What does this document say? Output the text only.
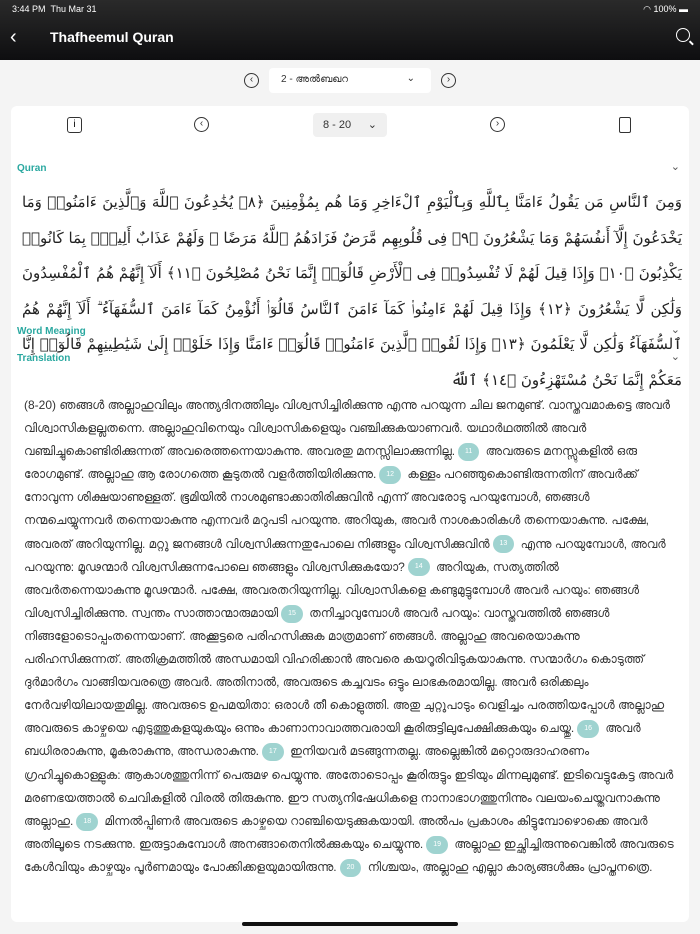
3:44 PM Thu Mar 31	◠ 100% ▬
‹ Thafheemul Quran
‹	2 - അൽബഖറ	⌄	›
i	‹	8 - 20 ⌄	›
Quran	⌄
وَمِنَ ٱلنَّاسِ مَن يَقُولُ ءَامَنَّا بِٱللَّهِ وَبِٱلْيَوْمِ ٱلْءَاخِرِ وَمَا هُم بِمُؤْمِنِينَ ﴿٨﴾ يُخَٰدِعُونَ ٱللَّهَ وَٱلَّذِينَ ءَامَنُوا۟ وَمَا يَخْدَعُونَ إِلَّآ أَنفُسَهُمْ وَمَا يَشْعُرُونَ ﴿٩﴾ فِى قُلُوبِهِم مَّرَضٌ فَزَادَهُمُ ٱللَّهُ مَرَضًا ۖ وَلَهُمْ عَذَابٌ أَلِيمٌۢ بِمَا كَانُوا۟ يَكْذِبُونَ ﴿١٠﴾ وَإِذَا قِيلَ لَهُمْ لَا تُفْسِدُوا۟ فِى ٱلْأَرْضِ قَالُوٓا۟ إِنَّمَا نَحْنُ مُصْلِحُونَ ﴿١١﴾ أَلَآ إِنَّهُمْ هُمُ ٱلْمُفْسِدُونَ وَلَٰكِن لَّا يَشْعُرُونَ ﴿١٢﴾ وَإِذَا قِيلَ لَهُمْ ءَامِنُوا۟ كَمَآ ءَامَنَ ٱلنَّاسُ قَالُوٓا۟ أَنُؤْمِنُ كَمَآ ءَامَنَ ٱلسُّفَهَآءُ ۗ أَلَآ إِنَّهُمْ هُمُ ٱلسُّفَهَآءُ وَلَٰكِن لَّا يَعْلَمُونَ ﴿١٣﴾ وَإِذَا لَقُوا۟ ٱلَّذِينَ ءَامَنُوا۟ قَالُوٓا۟ ءَامَنَّا وَإِذَا خَلَوْا۟ إِلَىٰ شَيَٰطِينِهِمْ قَالُوٓا۟ إِنَّا مَعَكُمْ إِنَّمَا نَحْنُ مُسْتَهْزِءُونَ ﴿١٤﴾ ٱللَّهُ
Word Meaning	⌄
Translation	⌄
(8-20) ഞങ്ങള്‍ അല്ലാഹുവിലും അന്ത്യദിനത്തിലും വിശ്വസിച്ചിരിക്കുന്നു എന്നു പറയുന്ന ചില ജനമുണ്ട്. വാസ്തവമാകട്ടെ അവര്‍ വിശ്വാസികളല്ലതന്നെ. അല്ലാഹുവിനെയും വിശ്വാസികളെയും വഞ്ചിക്കുകയാണവര്‍. യഥാര്‍ഥത്തില്‍ അവര്‍ വഞ്ചിച്ചുകൊണ്ടിരിക്കുന്നത് അവരെത്തന്നെയാകുന്നു. അവരതു മനസ്സിലാക്കുന്നില്ല. 11 അവരുടെ മനസ്സുകളില്‍ ഒരു രോഗമുണ്ട്. അല്ലാഹു ആ രോഗത്തെ കൂടുതല്‍ വളര്‍ത്തിയിരിക്കുന്നു. 12 കള്ളം പറഞ്ഞുകൊണ്ടിരുന്നതിന് അവര്‍ക്ക് നോവുന്ന ശിക്ഷയാണുള്ളത്. ഭൂമിയില്‍ നാശമുണ്ടാക്കാതിരിക്കുവിന്‍ എന്ന് അവരോടു പറയുമ്പോള്‍, ഞങ്ങള്‍ നന്മചെയ്യുന്നവര്‍ തന്നെയാകുന്നു എന്നവര്‍ മറുപടി പറയുന്നു. അറിയുക, അവര്‍ നാശകാരികള്‍ തന്നെയാകുന്നു. പക്ഷേ, അവരത് അറിയുന്നില്ല. മറ്റു ജനങ്ങള്‍ വിശ്വസിക്കുന്നതുപോലെ നിങ്ങളും വിശ്വസിക്കുവിന്‍ 13 എന്നു പറയുമ്പോള്‍, അവര്‍ പറയുന്നു: മൂഢന്മാര്‍ വിശ്വസിക്കുന്നപോലെ ഞങ്ങളും വിശ്വസിക്കുകയോ? 14 അറിയുക, സത്യത്തില്‍ അവര്‍തന്നെയാകുന്നു മൂഢന്മാര്‍. പക്ഷേ, അവരതറിയുന്നില്ല. വിശ്വാസികളെ കണ്ടുമുട്ടുമ്പോള്‍ അവര്‍ പറയും: ഞങ്ങള്‍ വിശ്വസിച്ചിരിക്കുന്നു. സ്വന്തം സാത്താന്മാരുമായി 15 തനിച്ചാവുമ്പോള്‍ അവര്‍ പറയും: വാസ്തവത്തില്‍ ഞങ്ങള്‍ നിങ്ങളോടൊപ്പംതന്നെയാണ്. അക്കൂട്ടരെ പരിഹസിക്കുക മാത്രമാണ് ഞങ്ങള്‍. അല്ലാഹു അവരെയാകുന്നു പരിഹസിക്കുന്നത്. അതിക്രമത്തില്‍ അന്ധമായി വിഹരിക്കാന്‍ അവരെ കയറൂരിവിടുകയാകുന്നു. സന്മാര്‍ഗം കൊടുത്ത് ദുര്‍മാര്‍ഗം വാങ്ങിയവരത്രെ അവര്‍. അതിനാല്‍, അവരുടെ കച്ചവടം ഒട്ടും ലാഭകരമായില്ല. അവര്‍ ഒരിക്കലും നേര്‍വഴിയിലായതുമില്ല. അവരുടെ ഉപമയിതാ: ഒരാള്‍ തീ കൊളുത്തി. അതു ചുറ്റുപാടും വെളിച്ചം പരത്തിയപ്പോള്‍ അല്ലാഹു അവരുടെ കാഴ്ചയെ എടുത്തുകളയുകയും ഒന്നും കാണാനാവാത്തവരായി കൂരിരുട്ടിലുപേക്ഷിക്കുകയും ചെയ്തു. 16 അവര്‍ ബധിരരാകുന്നു, മൂകരാകുന്നു, അന്ധരാകുന്നു. 17 ഇനിയവര്‍ മടങ്ങുന്നതല്ല. അല്ലെങ്കില്‍ മറ്റൊരുദാഹരണം ഗ്രഹിച്ചുകൊള്ളുക: ആകാശത്തുനിന്ന് പെരുമഴ പെയ്യുന്നു. അതോടൊപ്പം കൂരിരുട്ടും ഇടിയും മിന്നലുമുണ്ട്. ഇടിവെട്ടുകേട്ട അവര്‍ മരണഭയത്താല്‍ ചെവികളില്‍ വിരല്‍ തിരുകുന്നു. ഈ സത്യനിഷേധികളെ നാനാഭാഗത്തുനിന്നും വലയംചെയ്തവനാകുന്നു അല്ലാഹു. 18 മിന്നല്‍പ്പിണര്‍ അവരുടെ കാഴ്ചയെ റാഞ്ചിയെടുക്കുകയായി. അല്‍പം പ്രകാശം കിട്ടുമ്പോഴൊക്കെ അവര്‍ അതിലൂടെ നടക്കുന്നു. ഇരുട്ടാകുമ്പോള്‍ അനങ്ങാതെനില്‍ക്കുകയും ചെയ്യുന്നു. 19 അല്ലാഹു ഇച്ഛിച്ചിരുന്നുവെങ്കില്‍ അവരുടെ കേള്‍വിയും കാഴ്ചയും പൂര്‍ണമായും പോക്കിക്കളയുമായിരുന്നു. 20 നിശ്ചയം, അല്ലാഹു എല്ലാ കാര്യങ്ങള്‍ക്കും പ്രാപ്തനത്രെ.
